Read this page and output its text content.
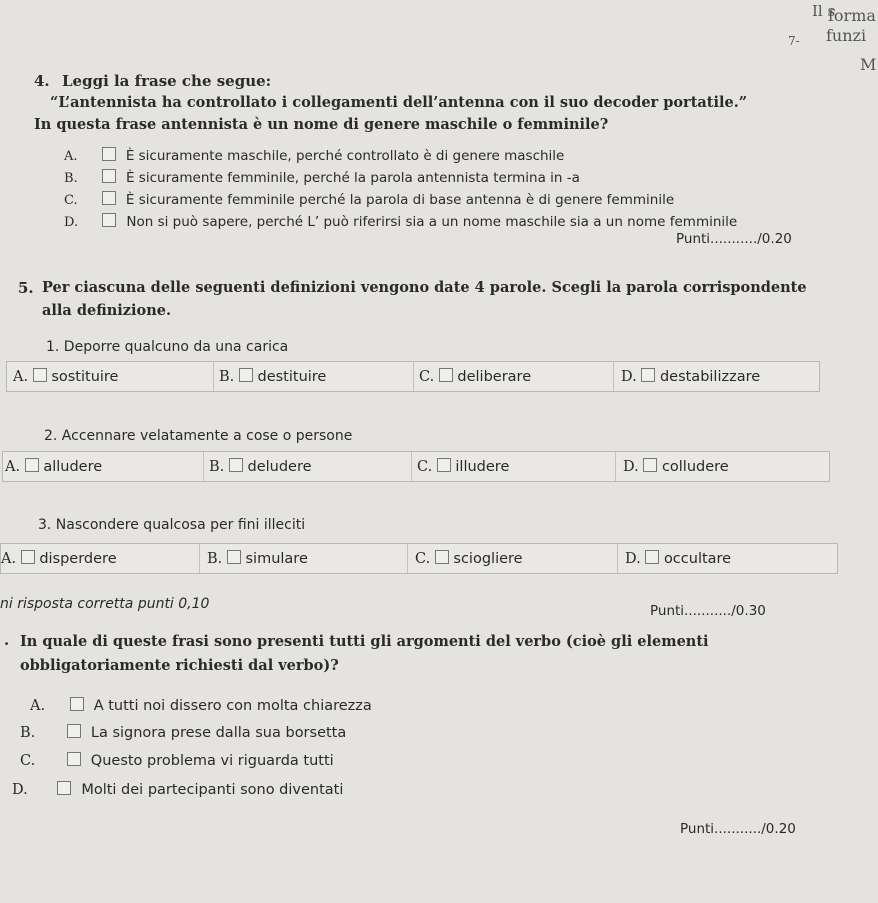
Il s
forma
funzi
M
7-
4. Leggi la frase che segue:
“L’antennista ha controllato i collegamenti dell’antenna con il suo decoder portatile.”
In questa frase antennista è un nome di genere maschile o femminile?
A.	È sicuramente maschile, perché controllato è di genere maschile
B.	È sicuramente femminile, perché la parola antennista termina in -a
C.	È sicuramente femminile perché la parola di base antenna è di genere femminile
D.	Non si può sapere, perché L’ può riferirsi sia a un nome maschile sia a un nome femminile
Punti.........../0.20
5. Per ciascuna delle seguenti definizioni vengono date 4 parole. Scegli la parola corrispondente
alla definizione.
1. Deporre qualcuno da una carica
A. sostituire	B. destituire	C. deliberare	D. destabilizzare
2. Accennare velatamente a cose o persone
A. alludere	B. deludere	C. illudere	D. colludere
3. Nascondere qualcosa per fini illeciti
A. disperdere	B. simulare	C. sciogliere	D. occultare
ni risposta corretta punti 0,10	Punti.........../0.30
. In quale di queste frasi sono presenti tutti gli argomenti del verbo (cioè gli elementi
obbligatoriamente richiesti dal verbo)?
A.	A tutti noi dissero con molta chiarezza
B.	La signora prese dalla sua borsetta
C.	Questo problema vi riguarda tutti
D.	Molti dei partecipanti sono diventati
Punti.........../0.20
